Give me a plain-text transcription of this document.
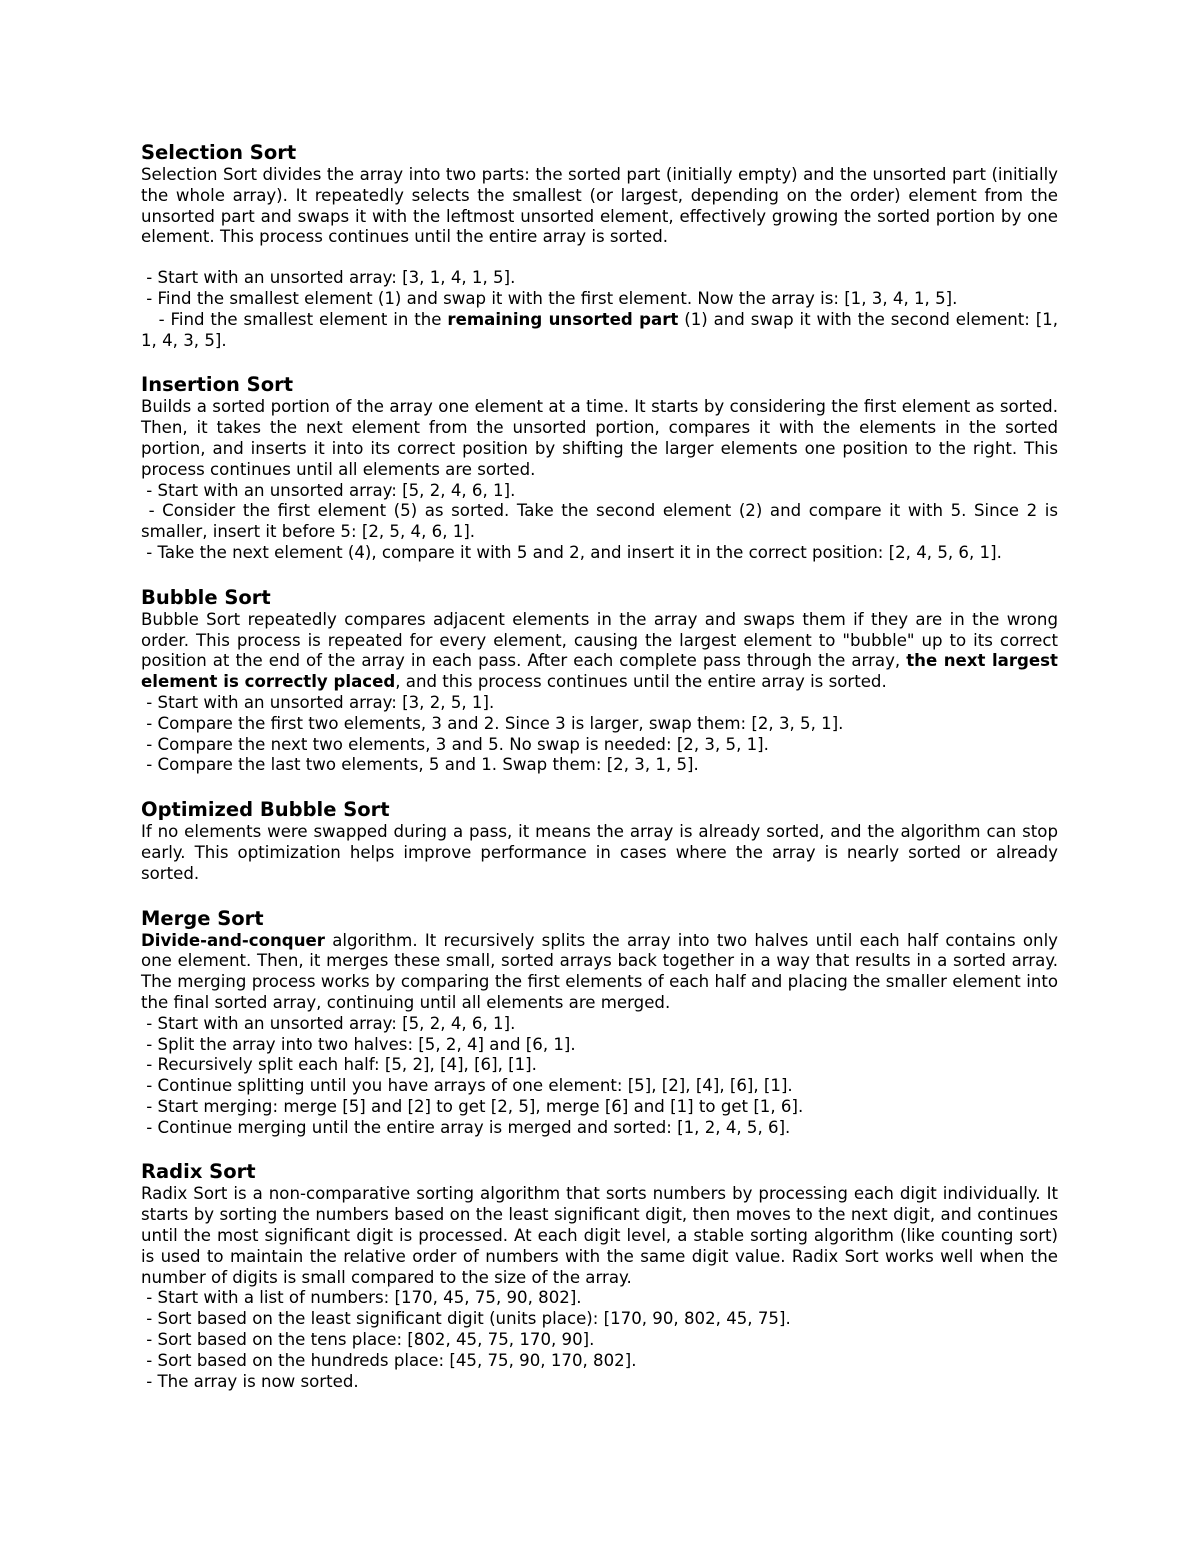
Selection Sort

Selection Sort divides the array into two parts: the sorted part (initially empty) and the unsorted part (initially the whole array). It repeatedly selects the smallest (or largest, depending on the order) element from the unsorted part and swaps it with the leftmost unsorted element, effectively growing the sorted portion by one element. This process continues until the entire array is sorted.

- Start with an unsorted array: [3, 1, 4, 1, 5].
- Find the smallest element (1) and swap it with the first element. Now the array is: [1, 3, 4, 1, 5].
- Find the smallest element in the remaining unsorted part (1) and swap it with the second element: [1, 1, 4, 3, 5].
Insertion Sort

Builds a sorted portion of the array one element at a time. It starts by considering the first element as sorted. Then, it takes the next element from the unsorted portion, compares it with the elements in the sorted portion, and inserts it into its correct position by shifting the larger elements one position to the right. This process continues until all elements are sorted.

- Start with an unsorted array: [5, 2, 4, 6, 1].
- Consider the first element (5) as sorted. Take the second element (2) and compare it with 5. Since 2 is smaller, insert it before 5: [2, 5, 4, 6, 1].
- Take the next element (4), compare it with 5 and 2, and insert it in the correct position: [2, 4, 5, 6, 1].
Bubble Sort

Bubble Sort repeatedly compares adjacent elements in the array and swaps them if they are in the wrong order. This process is repeated for every element, causing the largest element to "bubble" up to its correct position at the end of the array in each pass. After each complete pass through the array, the next largest element is correctly placed, and this process continues until the entire array is sorted.

- Start with an unsorted array: [3, 2, 5, 1].
- Compare the first two elements, 3 and 2. Since 3 is larger, swap them: [2, 3, 5, 1].
- Compare the next two elements, 3 and 5. No swap is needed: [2, 3, 5, 1].
- Compare the last two elements, 5 and 1. Swap them: [2, 3, 1, 5].
Optimized Bubble Sort

If no elements were swapped during a pass, it means the array is already sorted, and the algorithm can stop early. This optimization helps improve performance in cases where the array is nearly sorted or already sorted.

Merge Sort

Divide-and-conquer algorithm. It recursively splits the array into two halves until each half contains only one element. Then, it merges these small, sorted arrays back together in a way that results in a sorted array. The merging process works by comparing the first elements of each half and placing the smaller element into the final sorted array, continuing until all elements are merged.

- Start with an unsorted array: [5, 2, 4, 6, 1].
- Split the array into two halves: [5, 2, 4] and [6, 1].
- Recursively split each half: [5, 2], [4], [6], [1].
- Continue splitting until you have arrays of one element: [5], [2], [4], [6], [1].
- Start merging: merge [5] and [2] to get [2, 5], merge [6] and [1] to get [1, 6].
- Continue merging until the entire array is merged and sorted: [1, 2, 4, 5, 6].
Radix Sort

Radix Sort is a non-comparative sorting algorithm that sorts numbers by processing each digit individually. It starts by sorting the numbers based on the least significant digit, then moves to the next digit, and continues until the most significant digit is processed. At each digit level, a stable sorting algorithm (like counting sort) is used to maintain the relative order of numbers with the same digit value. Radix Sort works well when the number of digits is small compared to the size of the array.

- Start with a list of numbers: [170, 45, 75, 90, 802].
- Sort based on the least significant digit (units place): [170, 90, 802, 45, 75].
- Sort based on the tens place: [802, 45, 75, 170, 90].
- Sort based on the hundreds place: [45, 75, 90, 170, 802].
- The array is now sorted.
